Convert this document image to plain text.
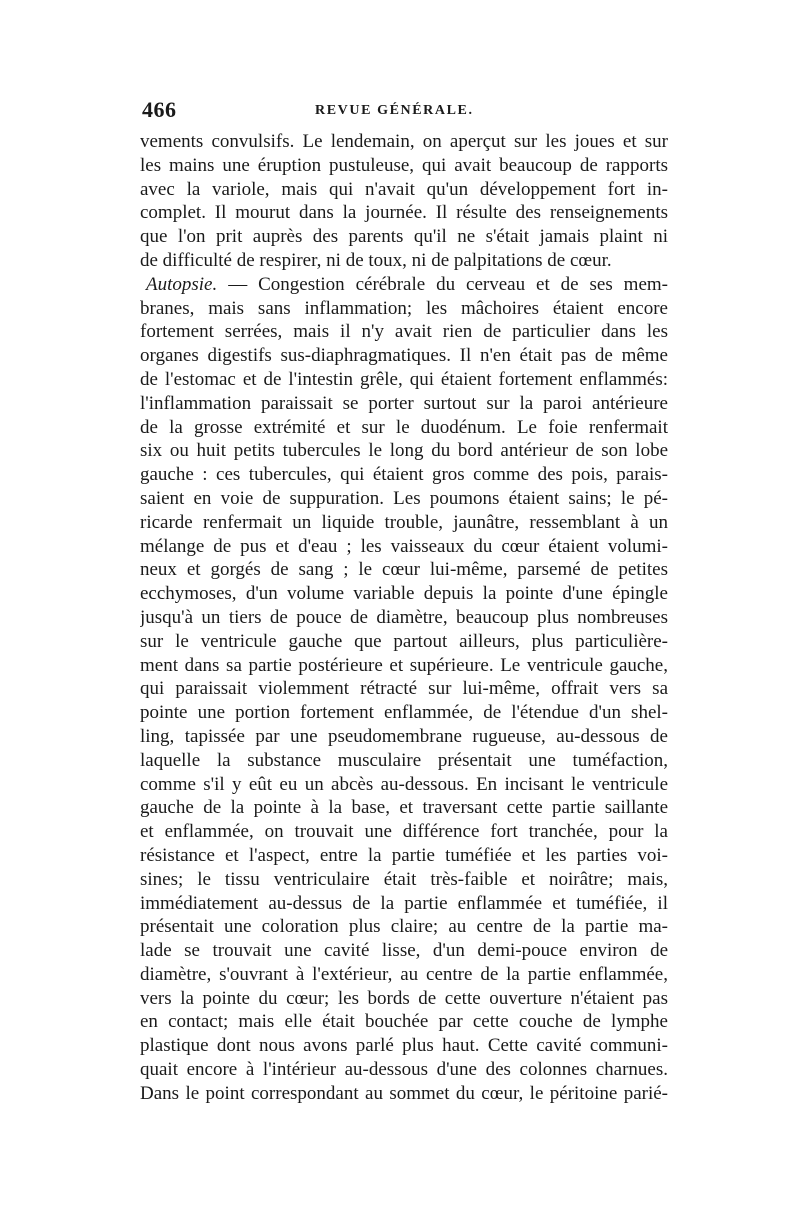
466	REVUE GÉNÉRALE.
vements convulsifs. Le lendemain, on aperçut sur les joues et sur
les mains une éruption pustuleuse, qui avait beaucoup de rapports
avec la variole, mais qui n'avait qu'un développement fort in-
complet. Il mourut dans la journée. Il résulte des renseignements
que l'on prit auprès des parents qu'il ne s'était jamais plaint ni
de difficulté de respirer, ni de toux, ni de palpitations de cœur.
Autopsie. — Congestion cérébrale du cerveau et de ses mem-
branes, mais sans inflammation; les mâchoires étaient encore
fortement serrées, mais il n'y avait rien de particulier dans les
organes digestifs sus-diaphragmatiques. Il n'en était pas de même
de l'estomac et de l'intestin grêle, qui étaient fortement enflammés:
l'inflammation paraissait se porter surtout sur la paroi antérieure
de la grosse extrémité et sur le duodénum. Le foie renfermait
six ou huit petits tubercules le long du bord antérieur de son lobe
gauche : ces tubercules, qui étaient gros comme des pois, parais-
saient en voie de suppuration. Les poumons étaient sains; le pé-
ricarde renfermait un liquide trouble, jaunâtre, ressemblant à un
mélange de pus et d'eau ; les vaisseaux du cœur étaient volumi-
neux et gorgés de sang ; le cœur lui-même, parsemé de petites
ecchymoses, d'un volume variable depuis la pointe d'une épingle
jusqu'à un tiers de pouce de diamètre, beaucoup plus nombreuses
sur le ventricule gauche que partout ailleurs, plus particulière-
ment dans sa partie postérieure et supérieure. Le ventricule gauche,
qui paraissait violemment rétracté sur lui-même, offrait vers sa
pointe une portion fortement enflammée, de l'étendue d'un shel-
ling, tapissée par une pseudomembrane rugueuse, au-dessous de
laquelle la substance musculaire présentait une tuméfaction,
comme s'il y eût eu un abcès au-dessous. En incisant le ventricule
gauche de la pointe à la base, et traversant cette partie saillante
et enflammée, on trouvait une différence fort tranchée, pour la
résistance et l'aspect, entre la partie tuméfiée et les parties voi-
sines; le tissu ventriculaire était très-faible et noirâtre; mais,
immédiatement au-dessus de la partie enflammée et tuméfiée, il
présentait une coloration plus claire; au centre de la partie ma-
lade se trouvait une cavité lisse, d'un demi-pouce environ de
diamètre, s'ouvrant à l'extérieur, au centre de la partie enflammée,
vers la pointe du cœur; les bords de cette ouverture n'étaient pas
en contact; mais elle était bouchée par cette couche de lymphe
plastique dont nous avons parlé plus haut. Cette cavité communi-
quait encore à l'intérieur au-dessous d'une des colonnes charnues.
Dans le point correspondant au sommet du cœur, le péritoine parié-
